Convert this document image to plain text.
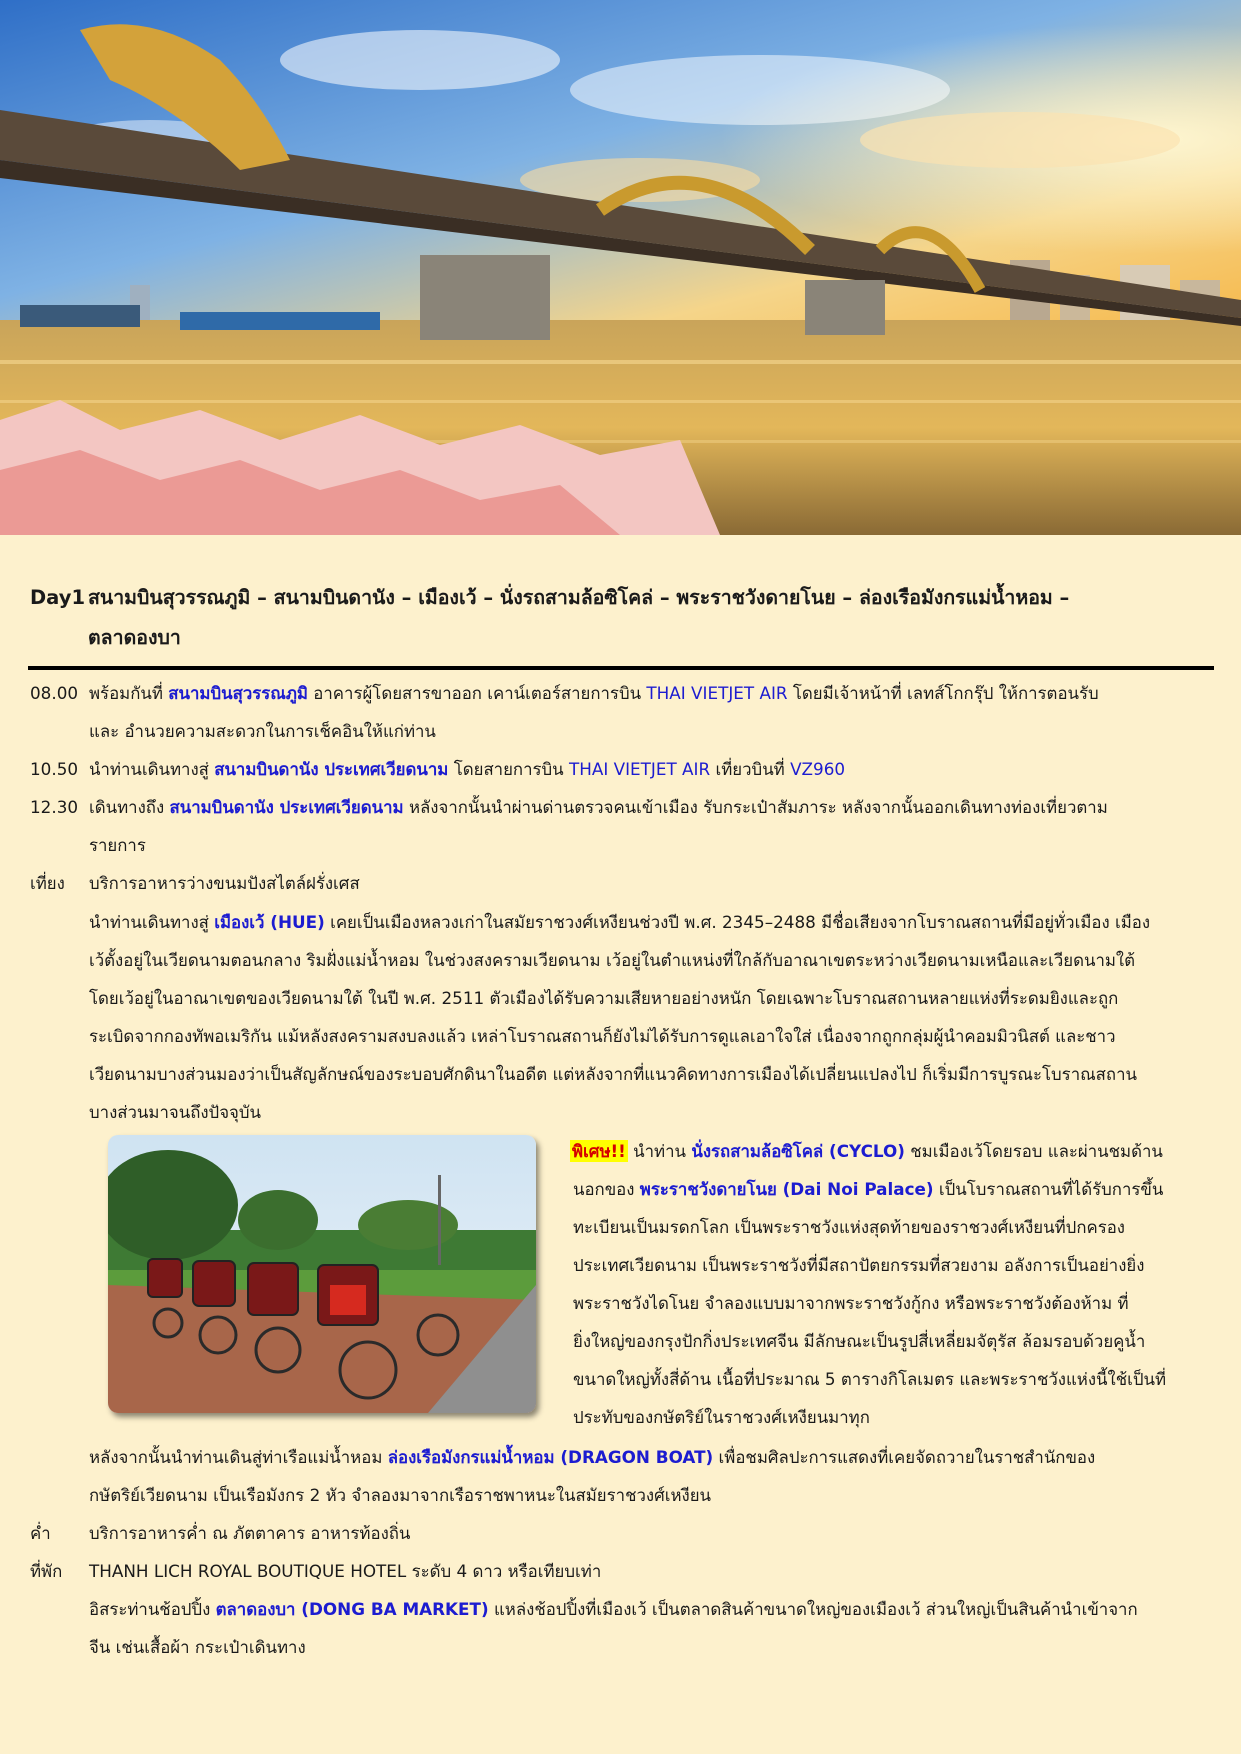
Day1 สนามบินสุวรรณภูมิ – สนามบินดานัง – เมืองเว้ – นั่งรถสามล้อซิโคล่ – พระราชวังดายโนย – ล่องเรือมังกรแม่น้ำหอม –
ตลาดองบา
08.00 พร้อมกันที่ สนามบินสุวรรณภูมิ อาคารผู้โดยสารขาออก เคาน์เตอร์สายการบิน THAI VIETJET AIR โดยมีเจ้าหน้าที่ เลทส์โกกรุ๊ป ให้การตอนรับ
และ อำนวยความสะดวกในการเช็คอินให้แก่ท่าน
10.50 นำท่านเดินทางสู่ สนามบินดานัง ประเทศเวียดนาม โดยสายการบิน THAI VIETJET AIR เที่ยวบินที่ VZ960
12.30 เดินทางถึง สนามบินดานัง ประเทศเวียดนาม หลังจากนั้นนำผ่านด่านตรวจคนเข้าเมือง รับกระเป๋าสัมภาระ หลังจากนั้นออกเดินทางท่องเที่ยวตาม
รายการ
เที่ยง บริการอาหารว่างขนมปังสไตล์ฝรั่งเศส
นำท่านเดินทางสู่ เมืองเว้ (HUE) เคยเป็นเมืองหลวงเก่าในสมัยราชวงศ์เหงียนช่วงปี พ.ศ. 2345–2488 มีชื่อเสียงจากโบราณสถานที่มีอยู่ทั่วเมือง เมือง
เว้ตั้งอยู่ในเวียดนามตอนกลาง ริมฝั่งแม่น้ำหอม ในช่วงสงครามเวียดนาม เว้อยู่ในตำแหน่งที่ใกล้กับอาณาเขตระหว่างเวียดนามเหนือและเวียดนามใต้
โดยเว้อยู่ในอาณาเขตของเวียดนามใต้ ในปี พ.ศ. 2511 ตัวเมืองได้รับความเสียหายอย่างหนัก โดยเฉพาะโบราณสถานหลายแห่งที่ระดมยิงและถูก
ระเบิดจากกองทัพอเมริกัน แม้หลังสงครามสงบลงแล้ว เหล่าโบราณสถานก็ยังไม่ได้รับการดูแลเอาใจใส่ เนื่องจากถูกกลุ่มผู้นำคอมมิวนิสต์ และชาว
เวียดนามบางส่วนมองว่าเป็นสัญลักษณ์ของระบอบศักดินาในอดีต แต่หลังจากที่แนวคิดทางการเมืองได้เปลี่ยนแปลงไป ก็เริ่มมีการบูรณะโบราณสถาน
บางส่วนมาจนถึงปัจจุบัน
พิเศษ!! นำท่าน นั่งรถสามล้อซิโคล่ (CYCLO) ชมเมืองเว้โดยรอบ และผ่านชมด้าน
นอกของ พระราชวังดายโนย (Dai Noi Palace) เป็นโบราณสถานที่ได้รับการขึ้น
ทะเบียนเป็นมรดกโลก เป็นพระราชวังแห่งสุดท้ายของราชวงศ์เหงียนที่ปกครอง
ประเทศเวียดนาม เป็นพระราชวังที่มีสถาปัตยกรรมที่สวยงาม อลังการเป็นอย่างยิ่ง
พระราชวังไดโนย จำลองแบบมาจากพระราชวังกู้กง หรือพระราชวังต้องห้าม ที่
ยิ่งใหญ่ของกรุงปักกิ่งประเทศจีน มีลักษณะเป็นรูปสี่เหลี่ยมจัตุรัส ล้อมรอบด้วยคูน้ำ
ขนาดใหญ่ทั้งสี่ด้าน เนื้อที่ประมาณ 5 ตารางกิโลเมตร และพระราชวังแห่งนี้ใช้เป็นที่
ประทับของกษัตริย์ในราชวงศ์เหงียนมาทุก
หลังจากนั้นนำท่านเดินสู่ท่าเรือแม่น้ำหอม ล่องเรือมังกรแม่น้ำหอม (DRAGON BOAT) เพื่อชมศิลปะการแสดงที่เคยจัดถวายในราชสำนักของ
กษัตริย์เวียดนาม เป็นเรือมังกร 2 หัว จำลองมาจากเรือราชพาหนะในสมัยราชวงศ์เหงียน
ค่ำ บริการอาหารค่ำ ณ ภัตตาคาร อาหารท้องถิ่น
ที่พัก THANH LICH ROYAL BOUTIQUE HOTEL ระดับ 4 ดาว หรือเทียบเท่า
อิสระท่านช้อปปิ้ง ตลาดองบา (DONG BA MARKET) แหล่งช้อปปิ้งที่เมืองเว้ เป็นตลาดสินค้าขนาดใหญ่ของเมืองเว้ ส่วนใหญ่เป็นสินค้านำเข้าจาก
จีน เช่นเสื้อผ้า กระเป๋าเดินทาง
